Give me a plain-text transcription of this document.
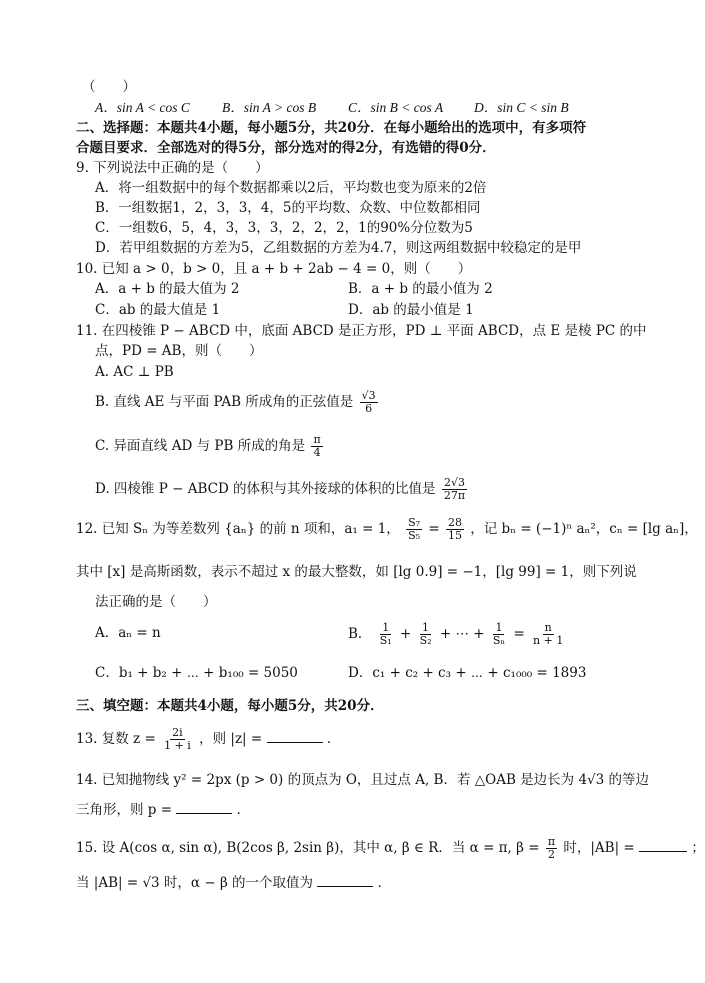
（　　）
A．sin A < cos C B．sin A > cos B C．sin B < cos A D．sin C < sin B
二、选择题：本题共4小题，每小题5分，共20分．在每小题给出的选项中，有多项符
合题目要求．全部选对的得5分，部分选对的得2分，有选错的得0分．
9. 下列说法中正确的是（　　）
A．将一组数据中的每个数据都乘以2后，平均数也变为原来的2倍
B．一组数据1，2，3，3，4，5的平均数、众数、中位数都相同
C．一组数6，5，4，3，3，3，2，2，2，1的90%分位数为5
D．若甲组数据的方差为5，乙组数据的方差为4.7，则这两组数据中较稳定的是甲
10. 已知 a > 0，b > 0，且 a + b + 2ab − 4 = 0，则（　　）
A．a + b 的最大值为 2	B．a + b 的最小值为 2
C．ab 的最大值是 1	D．ab 的最小值是 1
11. 在四棱锥 P − ABCD 中，底面 ABCD 是正方形，PD ⊥ 平面 ABCD，点 E 是棱 PC 的中
点，PD = AB，则（　　）
A. AC ⊥ PB
B. 直线 AE 与平面 PAB 所成角的正弦值是 $\frac{√3}{6}$
C. 异面直线 AD 与 PB 所成的角是 $\frac{\pi}{4}$
D. 四棱锥 P − ABCD 的体积与其外接球的体积的比值是 $\frac{2√3}{27\pi}$
12. 已知 Sₙ 为等差数列 {aₙ} 的前 n 项和，a₁ = 1， $\frac{\text{S₇}}{\text{S₅}} = \frac{28}{15}$ ，记 bₙ = (−1)ⁿ aₙ²，cₙ = [lg aₙ]，
其中 [x] 是高斯函数，表示不超过 x 的最大整数，如 [lg 0.9] = −1，[lg 99] = 1，则下列说
法正确的是（　　）
A．aₙ = n	B． $\frac{1}{\text{S₁}} + \frac{1}{\text{S₂}}$ + ⋯ + $\frac{1}{\text{Sₙ}} = \frac{n}{n + 1}$
C．b₁ + b₂ + ⋯ + b₁₀₀ = 5050	D．c₁ + c₂ + c₃ + ⋯ + c₁₀₀₀ = 1893
三、填空题：本题共4小题，每小题5分，共20分．
13. 复数 $z = \frac{2i}{1 + i}$ ，则 |z| =	．
14. 已知抛物线 y² = 2px (p > 0) 的顶点为 O，且过点 A, B．若 △OAB 是边长为 4√3 的等边
三角形，则 p =	．
15. 设 A(cos α, sin α), B(2cos β, 2sin β)，其中 α, β ∈ R．当 α = π, $\beta = \frac{\pi}{2}$ 时，|AB| =	；
当 |AB| = √3 时，α − β 的一个取值为	．
